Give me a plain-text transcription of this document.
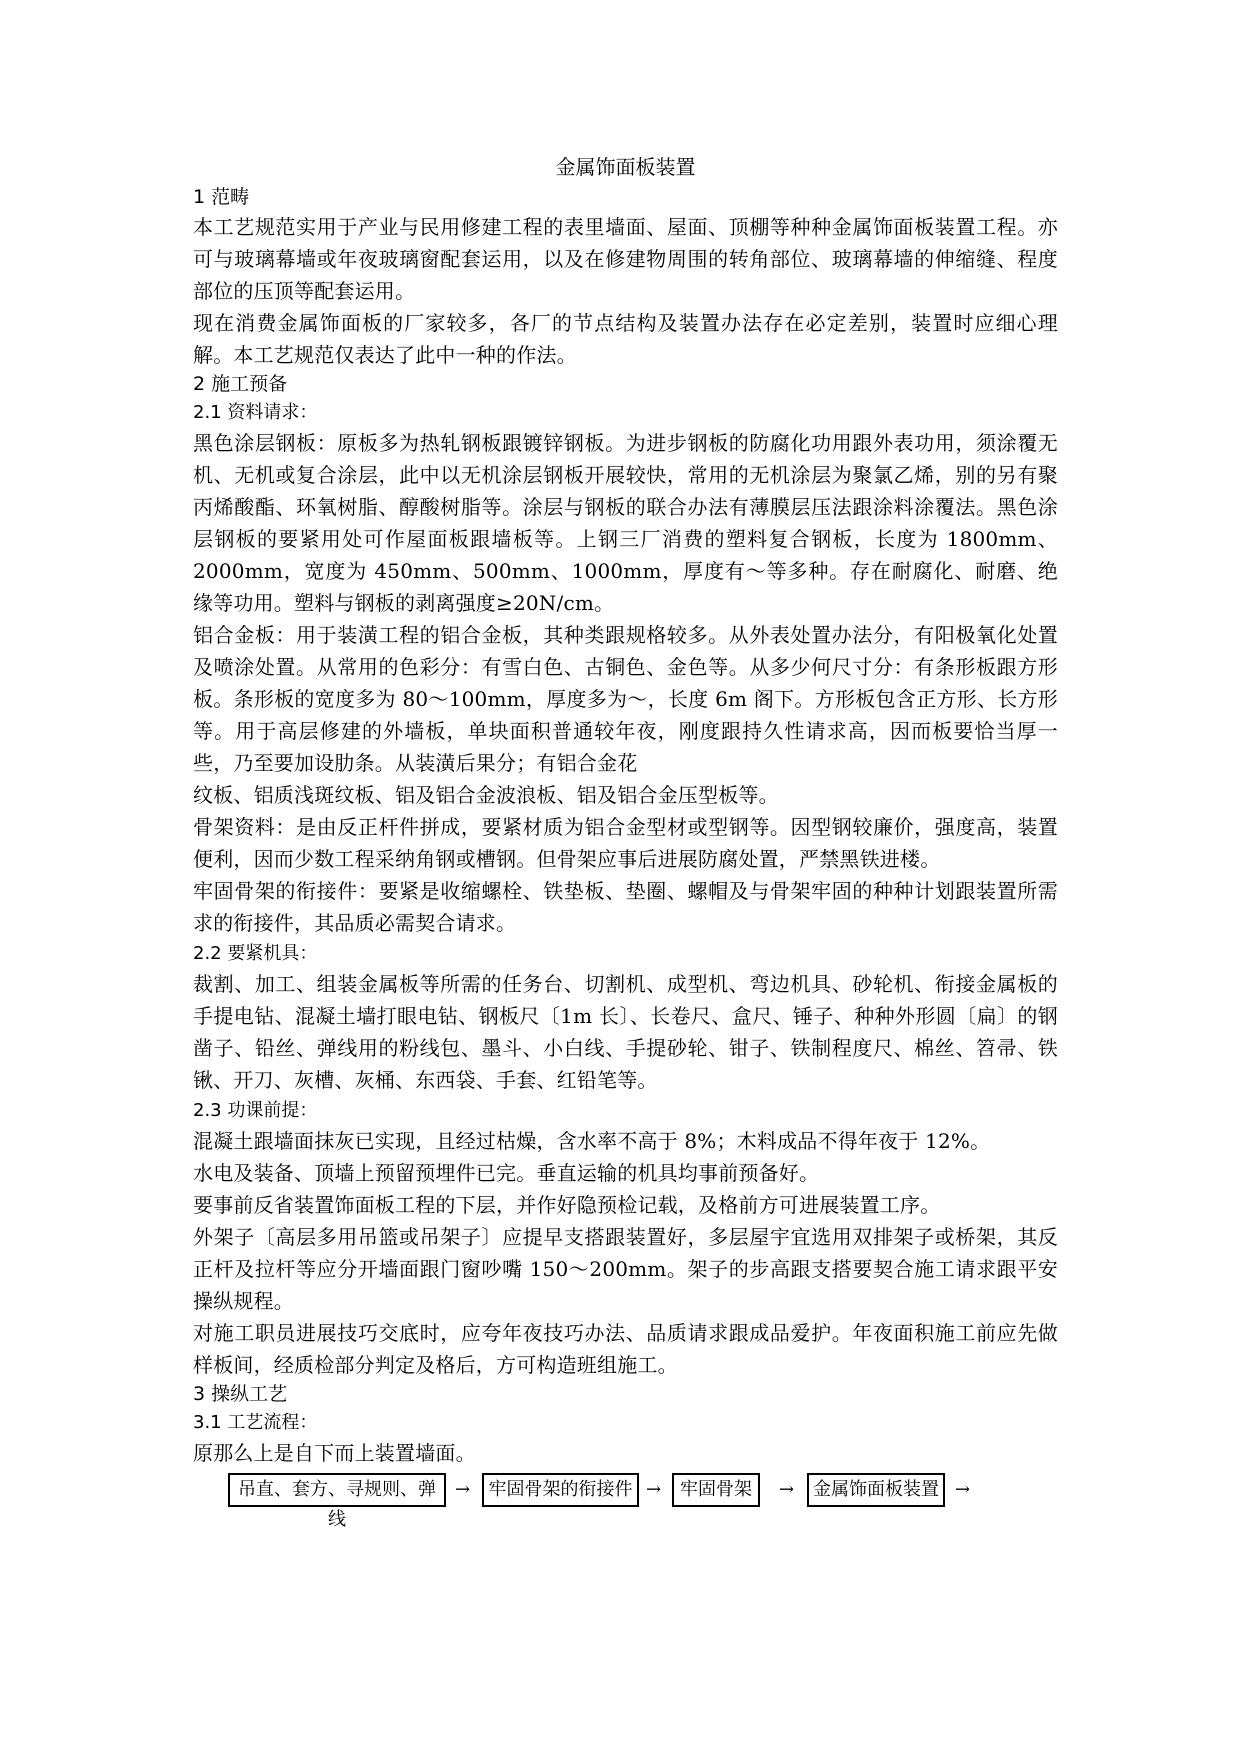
金属饰面板装置

1 范畴

本工艺规范实用于产业与民用修建工程的表里墙面、屋面、顶棚等种种金属饰面板装置工程。亦可与玻璃幕墙或年夜玻璃窗配套运用，以及在修建物周围的转角部位、玻璃幕墙的伸缩缝、程度部位的压顶等配套运用。

现在消费金属饰面板的厂家较多，各厂的节点结构及装置办法存在必定差别，装置时应细心理解。本工艺规范仅表达了此中一种的作法。

2 施工预备

2.1 资料请求：

黑色涂层钢板：原板多为热轧钢板跟镀锌钢板。为进步钢板的防腐化功用跟外表功用，须涂覆无机、无机或复合涂层，此中以无机涂层钢板开展较快，常用的无机涂层为聚氯乙烯，别的另有聚丙烯酸酯、环氧树脂、醇酸树脂等。涂层与钢板的联合办法有薄膜层压法跟涂料涂覆法。黑色涂层钢板的要紧用处可作屋面板跟墙板等。上钢三厂消费的塑料复合钢板，长度为 1800mm、2000mm，宽度为 450mm、500mm、1000mm，厚度有～等多种。存在耐腐化、耐磨、绝缘等功用。塑料与钢板的剥离强度≥20N/cm。

铝合金板：用于装潢工程的铝合金板，其种类跟规格较多。从外表处置办法分，有阳极氧化处置及喷涂处置。从常用的色彩分：有雪白色、古铜色、金色等。从多少何尺寸分：有条形板跟方形板。条形板的宽度多为 80～100mm，厚度多为～，长度 6m 阁下。方形板包含正方形、长方形等。用于高层修建的外墙板，单块面积普通较年夜，刚度跟持久性请求高，因而板要恰当厚一些，乃至要加设肋条。从装潢后果分；有铝合金花

纹板、铝质浅斑纹板、铝及铝合金波浪板、铝及铝合金压型板等。

骨架资料：是由反正杆件拼成，要紧材质为铝合金型材或型钢等。因型钢较廉价，强度高，装置便利，因而少数工程采纳角钢或槽钢。但骨架应事后进展防腐处置，严禁黑铁进楼。

牢固骨架的衔接件：要紧是收缩螺栓、铁垫板、垫圈、螺帽及与骨架牢固的种种计划跟装置所需求的衔接件，其品质必需契合请求。

2.2 要紧机具：

裁割、加工、组装金属板等所需的任务台、切割机、成型机、弯边机具、砂轮机、衔接金属板的手提电钻、混凝土墙打眼电钻、钢板尺〔1m 长〕、长卷尺、盒尺、锤子、种种外形圆〔扁〕的钢凿子、铅丝、弹线用的粉线包、墨斗、小白线、手提砂轮、钳子、铁制程度尺、棉丝、笤帚、铁锹、开刀、灰槽、灰桶、东西袋、手套、红铅笔等。

2.3 功课前提：

混凝土跟墙面抹灰已实现，且经过枯燥，含水率不高于 8%；木料成品不得年夜于 12%。

水电及装备、顶墙上预留预埋件已完。垂直运输的机具均事前预备好。

要事前反省装置饰面板工程的下层，并作好隐预检记载，及格前方可进展装置工序。

外架子〔高层多用吊篮或吊架子〕应提早支搭跟装置好，多层屋宇宜选用双排架子或桥架，其反正杆及拉杆等应分开墙面跟门窗吵嘴 150～200mm。架子的步高跟支搭要契合施工请求跟平安操纵规程。

对施工职员进展技巧交底时，应夸年夜技巧办法、品质请求跟成品爱护。年夜面积施工前应先做样板间，经质检部分判定及格后，方可构造班组施工。

3 操纵工艺

3.1 工艺流程：

原那么上是自下而上装置墙面。

吊直、套方、寻规则、弹线
→	牢固骨架的衔接件 →	牢固骨架	→	金属饰面板装置 →
